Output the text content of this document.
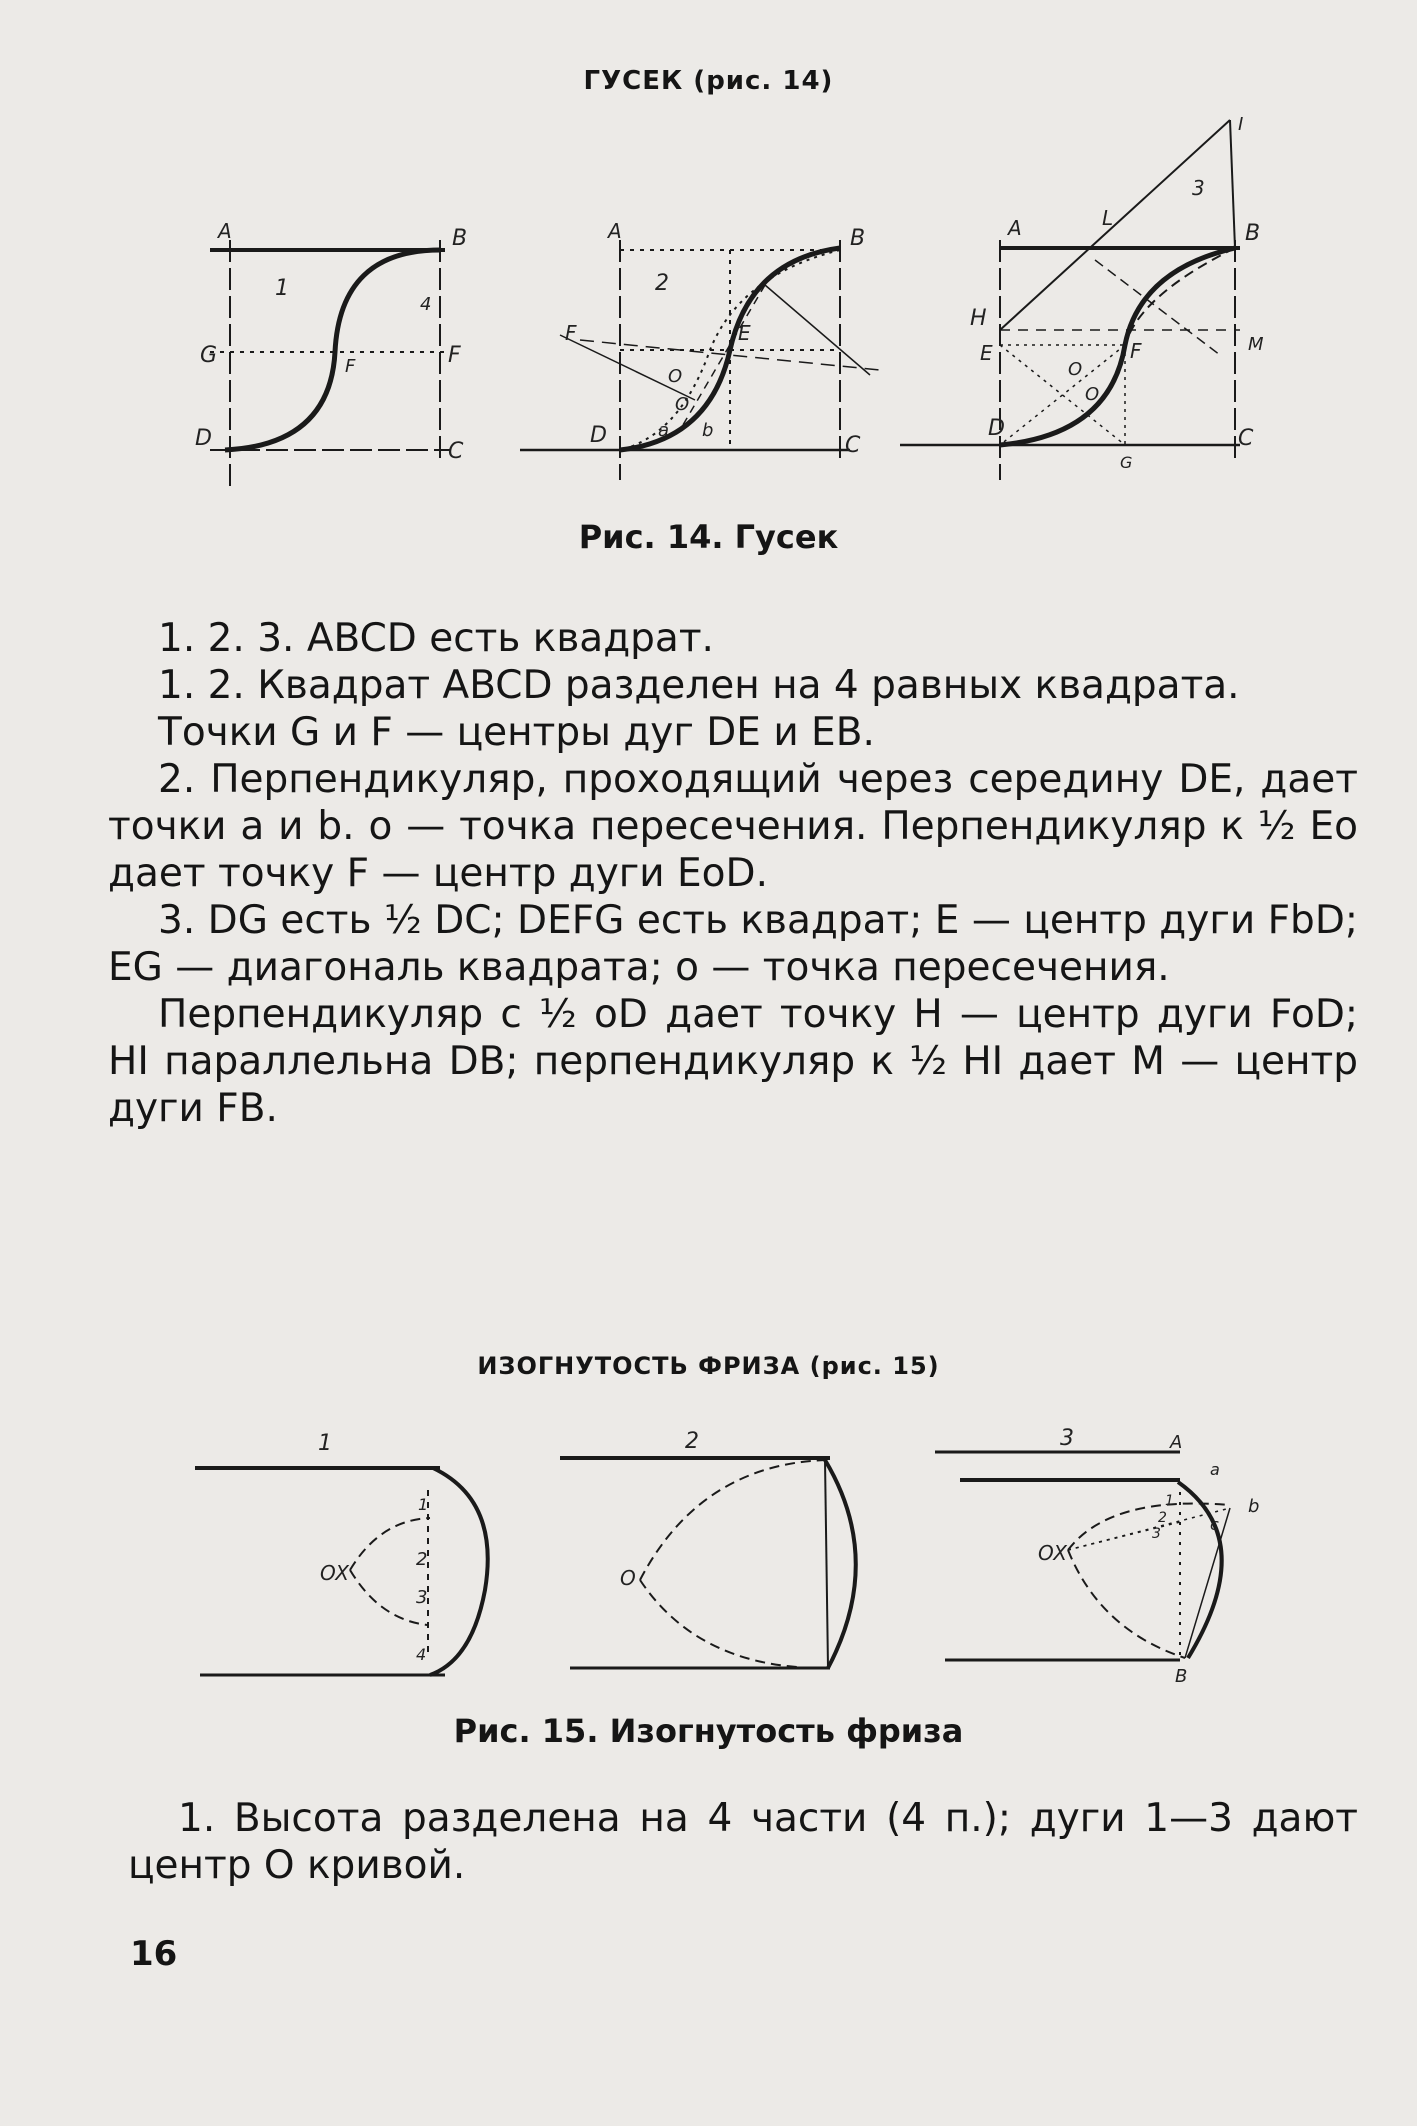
ГУСЕК (рис. 14)
A	B
1
4
G	F	F
D
C
A	B
2
F	E
O
O
a
D	b
C
A	L
B
I
3
H
E	F	M
O
O
D	C
G
Рис. 14. Гусек

1. 2. 3. ABCD есть квадрат.

1. 2. Квадрат ABCD разделен на 4 равных квадрата.

Точки G и F — центры дуг DE и EB.

2. Перпендикуляр, проходящий через середину DE, дает точки a и b. o — точка пересечения. Перпендикуляр к ½ Eo дает точку F — центр дуги EoD.

3. DG есть ½ DC; DEFG есть квадрат; E — центр дуги FbD; EG — диагональ квадрата; o — точка пересечения.

Перпендикуляр с ½ oD дает точку H — центр дуги FoD; HI параллельна DB; перпендикуляр к ½ HI дает M — центр дуги FB.

ИЗОГНУТОСТЬ ФРИЗА (рис. 15)
1
OX
1
2
3
4
2
O
3	A
a
b
c
OX
1
2
3
B
Рис. 15. Изогнутость фриза

1. Высота разделена на 4 части (4 п.); дуги 1—3 дают центр O кривой.

16
